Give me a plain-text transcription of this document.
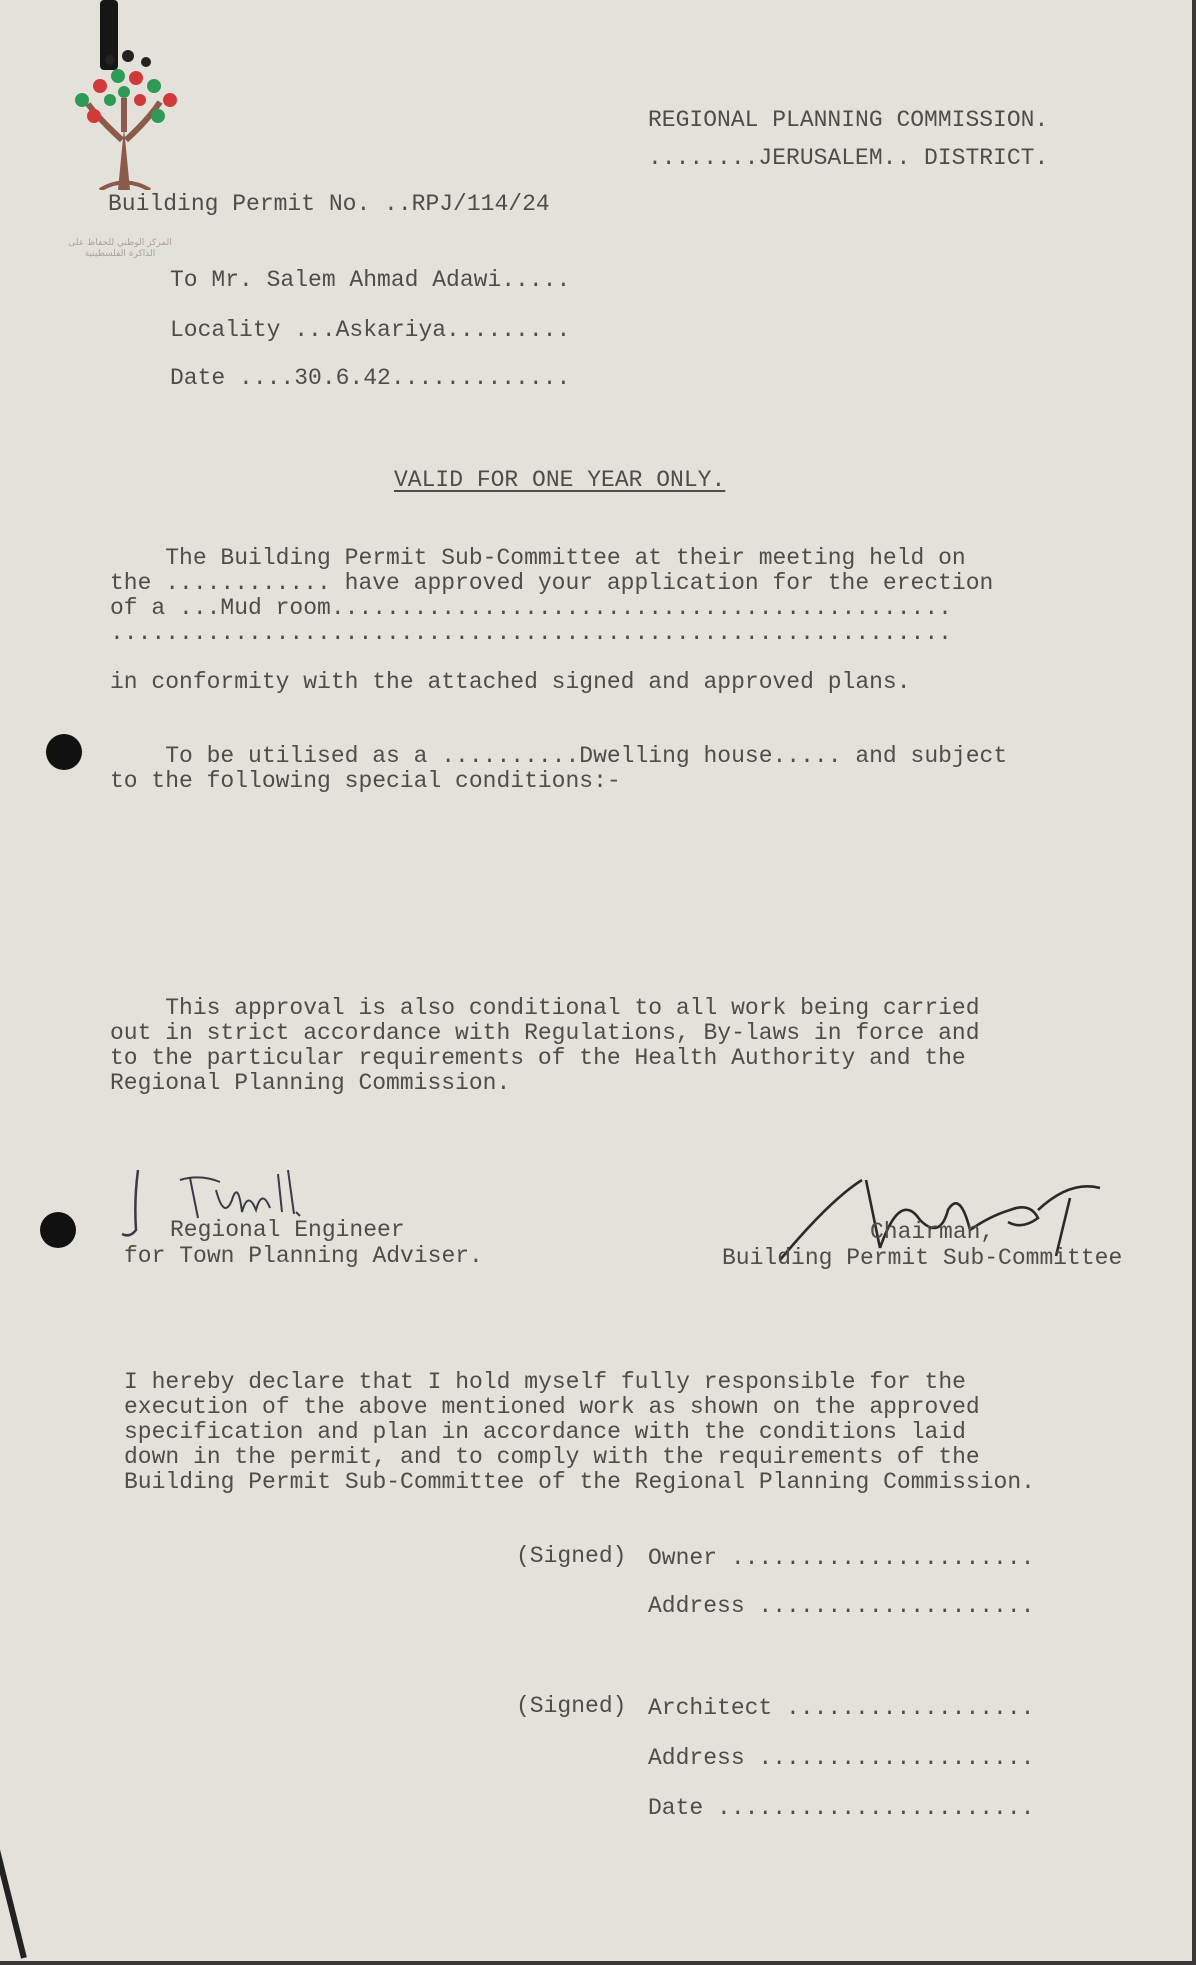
المركز الوطني للحفاظ على
الذاكرة الفلسطينية
REGIONAL PLANNING COMMISSION.
........JERUSALEM.. DISTRICT.
Building Permit No. ..RPJ/114/24
To Mr. Salem Ahmad Adawi.....
Locality ...Askariya.........
Date ....30.6.42.............
VALID FOR ONE YEAR ONLY.
The Building Permit Sub-Committee at their meeting held on
the ............ have approved your application for the erection
of a ...Mud room.............................................
.............................................................
in conformity with the attached signed and approved plans.
To be utilised as a ..........Dwelling house..... and subject
to the following special conditions:-
This approval is also conditional to all work being carried
out in strict accordance with Regulations, By-laws in force and
to the particular requirements of the Health Authority and the
Regional Planning Commission.
Regional Engineer
for Town Planning Adviser.
Chairman,
Building Permit Sub-Committee
I hereby declare that I hold myself fully responsible for the
execution of the above mentioned work as shown on the approved
specification and plan in accordance with the conditions laid
down in the permit, and to comply with the requirements of the
Building Permit Sub-Committee of the Regional Planning Commission.
(Signed) Owner ......................
Address ....................
(Signed) Architect ..................
Address ....................
Date .......................
